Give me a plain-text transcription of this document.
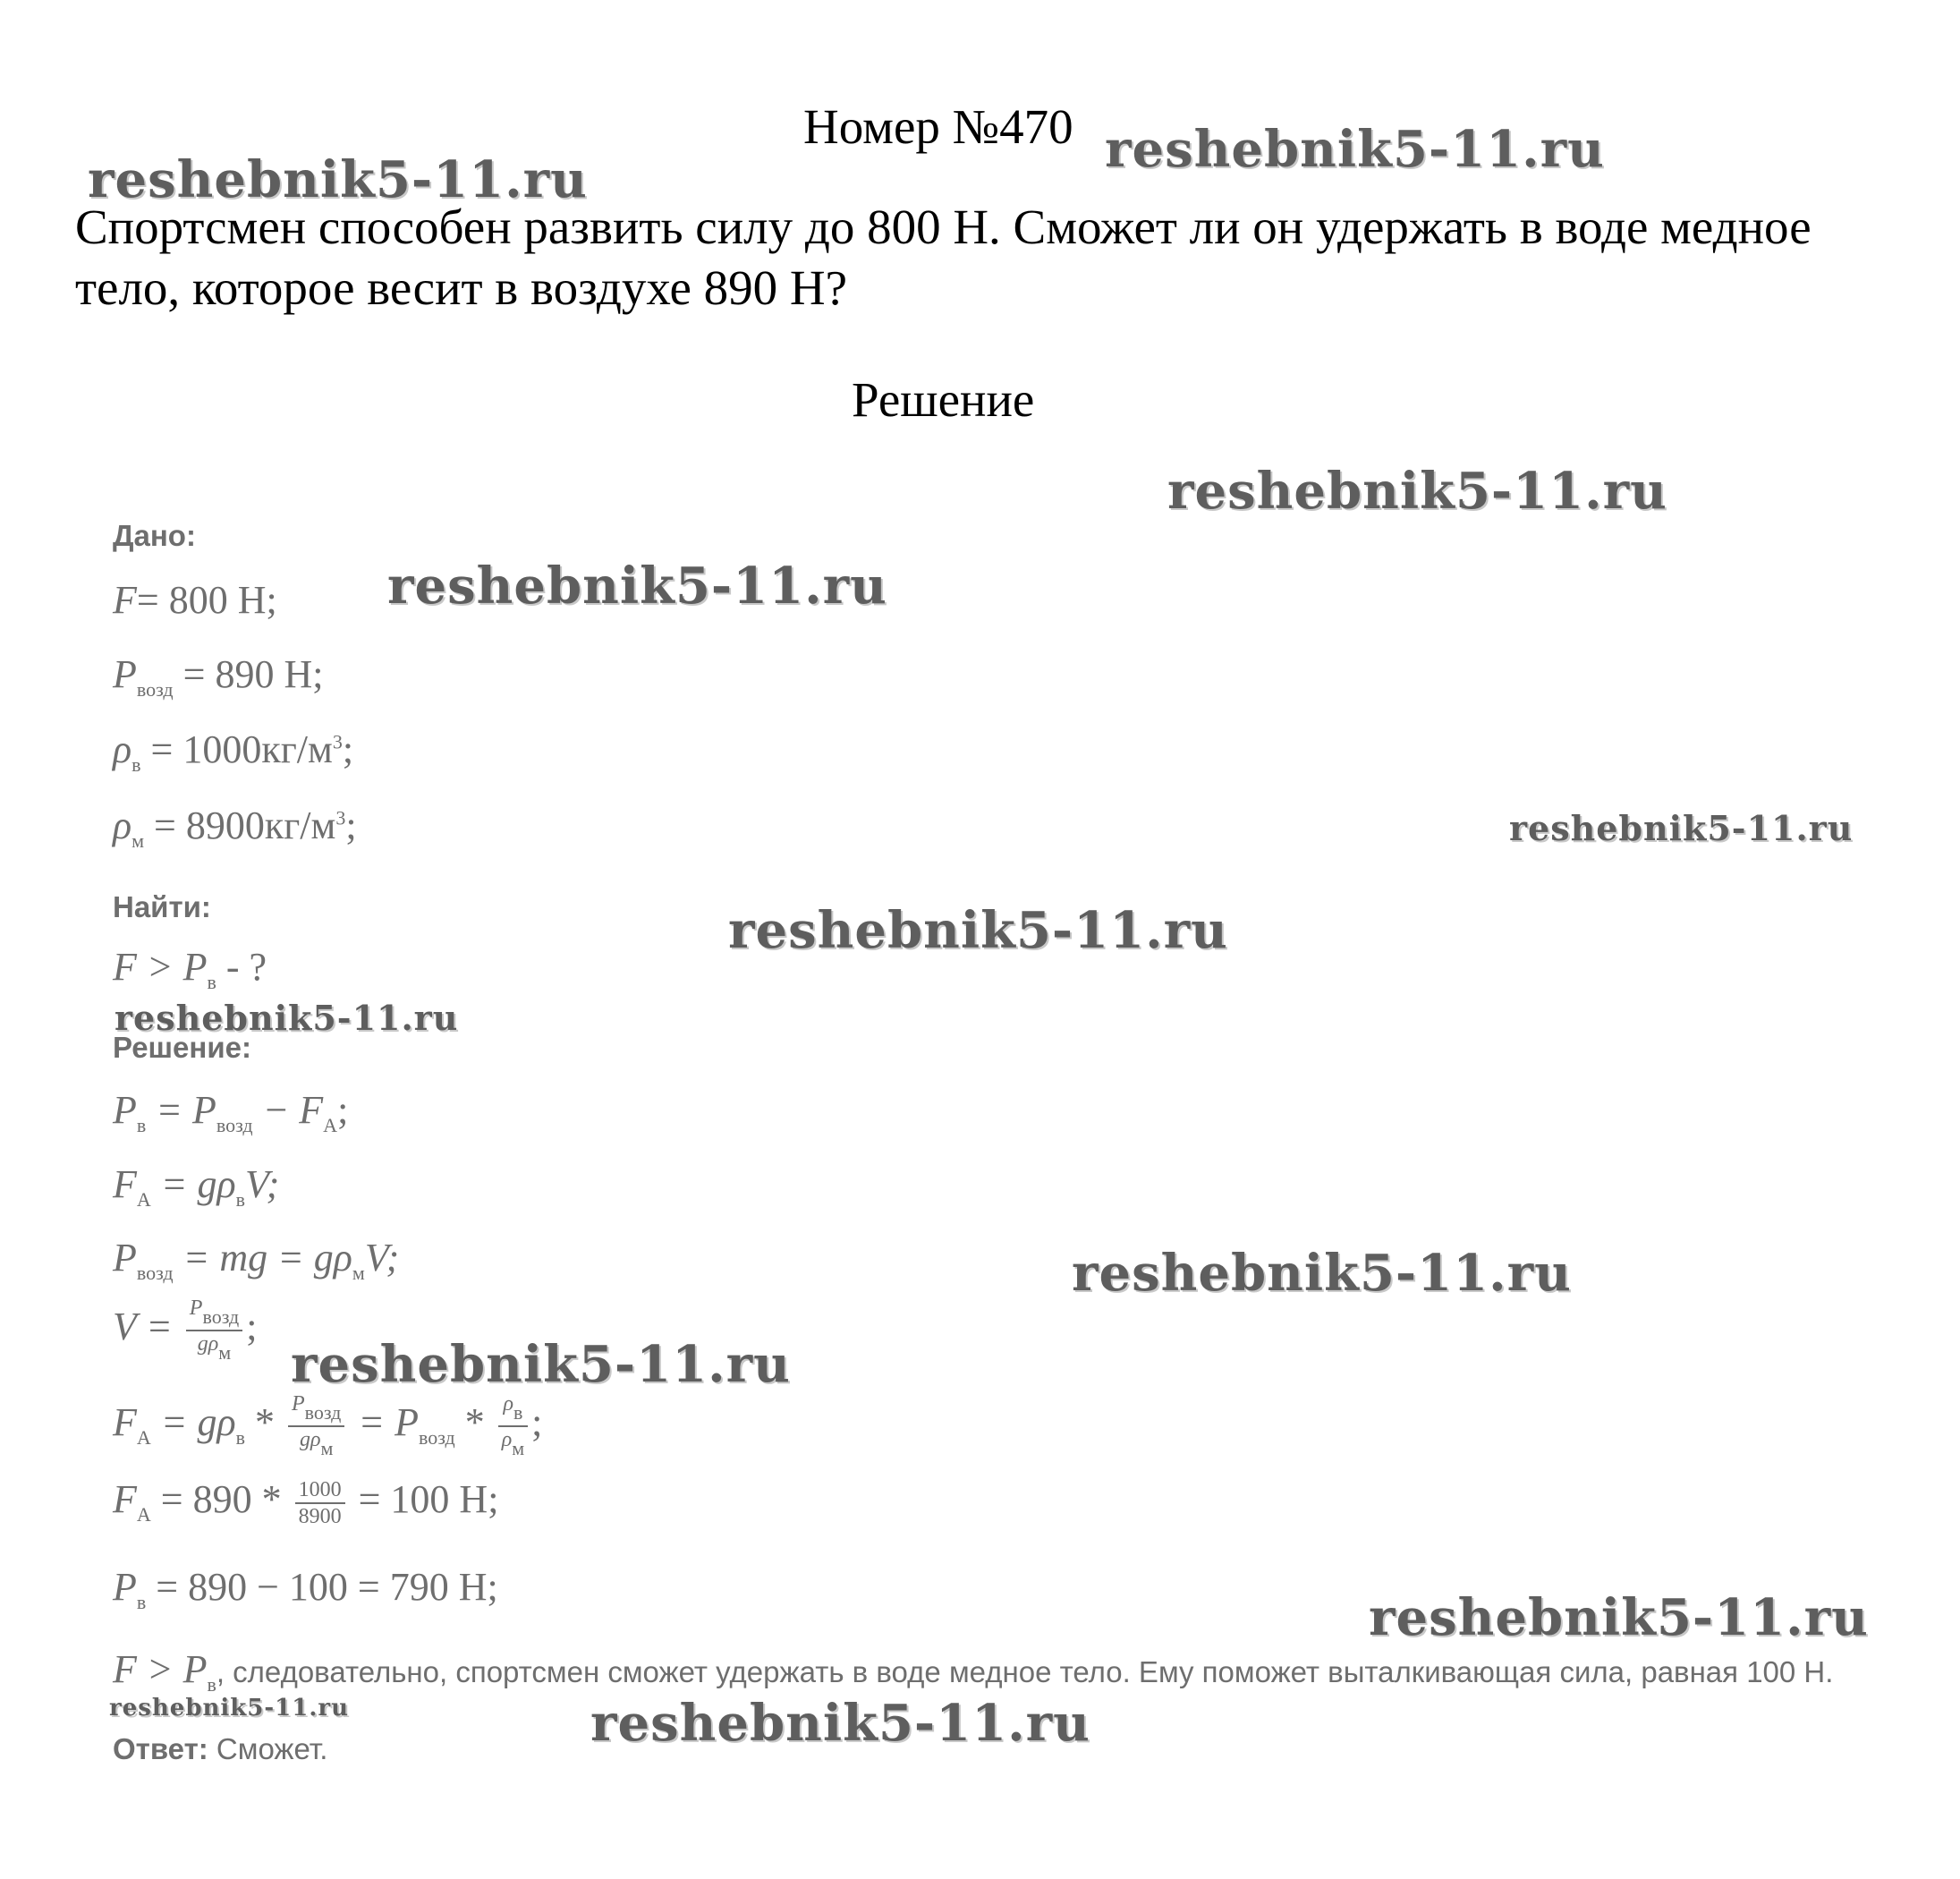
Номер №470
Спортсмен способен развить силу до 800 Н. Сможет ли он удержать в воде медное тело, которое весит в воздухе 890 Н?
Решение
Дано:
F= 800 Н;
$P_{возд} = 890$ Н;
$\rho_в = 1000кг/м^3$;
$\rho_м = 8900кг/м^3$;
Найти:
$F > P_в$ - ?
Решение:
$P_в = P_{возд} - F_A$;
$F_A = g\rho_вV$;
$P_{возд}$ = mg = $g\rho_мV$;
$V = \frac{P_{возд}}{g\rho_м}$ ;
$F_A = g\rho_в * \frac{P_{возд}}{g\rho_м} = P_{возд} * \frac{\rho_в}{\rho_м}$ ;
$F_A = 890 * \frac{1000}{8900} = 100$ Н;
$P_в = 890 - 100 = 790$ Н;
$F > P_в$, следовательно, спортсмен сможет удержать в воде медное тело. Ему поможет выталкивающая сила, равная 100 Н.
Ответ: Сможет.
reshebnik5-11.ru
reshebnik5-11.ru
reshebnik5-11.ru
reshebnik5-11.ru
reshebnik5-11.ru
reshebnik5-11.ru
reshebnik5-11.ru
reshebnik5-11.ru
reshebnik5-11.ru
reshebnik5-11.ru
reshebnik5-11.ru	reshebnik5-11.ru
